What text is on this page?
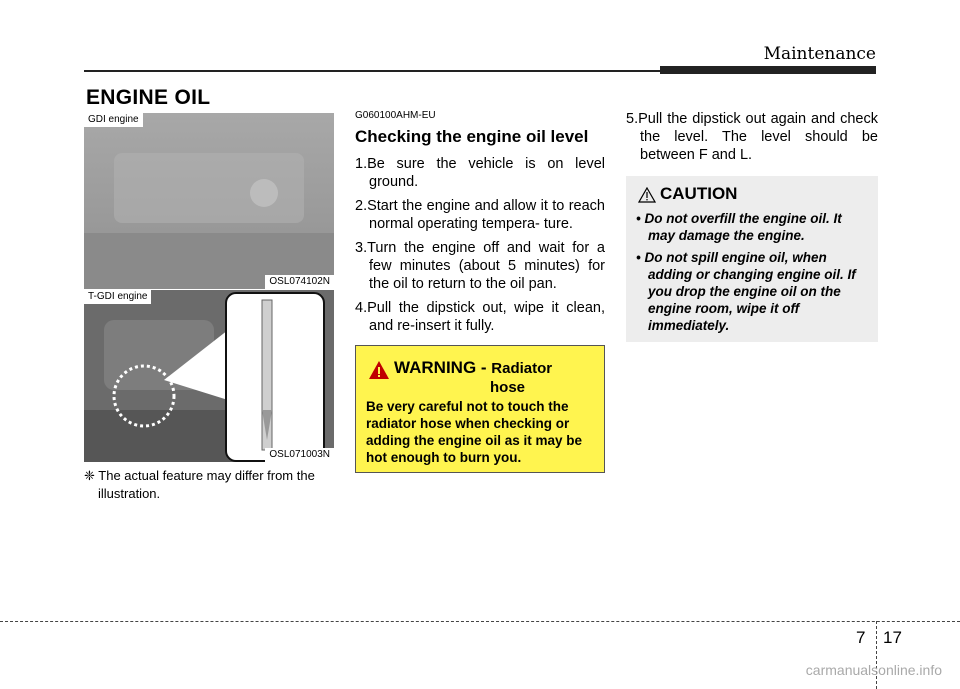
Maintenance
ENGINE OIL
GDI engine
OSL074102N
T-GDI engine
OSL071003N
❈ The actual feature may differ from the
illustration.
G060100AHM-EU
Checking the engine oil level
1.Be sure the vehicle is on level ground.
2.Start the engine and allow it to reach normal operating tempera- ture.
3.Turn the engine off and wait for a few minutes (about 5 minutes) for the oil to return to the oil pan.
4.Pull the dipstick out, wipe it clean, and re-insert it fully.
WARNING - Radiator
hose
Be very careful not to touch the radiator hose when checking or adding the engine oil as it may be hot enough to burn you.

5.Pull the dipstick out again and check the level. The level should be between F and L.

CAUTION
• Do not overfill the engine oil. It may damage the engine.
• Do not spill engine oil, when adding or changing engine oil. If you drop the engine oil on the engine room, wipe it off immediately.
7 17
carmanualsonline.info
